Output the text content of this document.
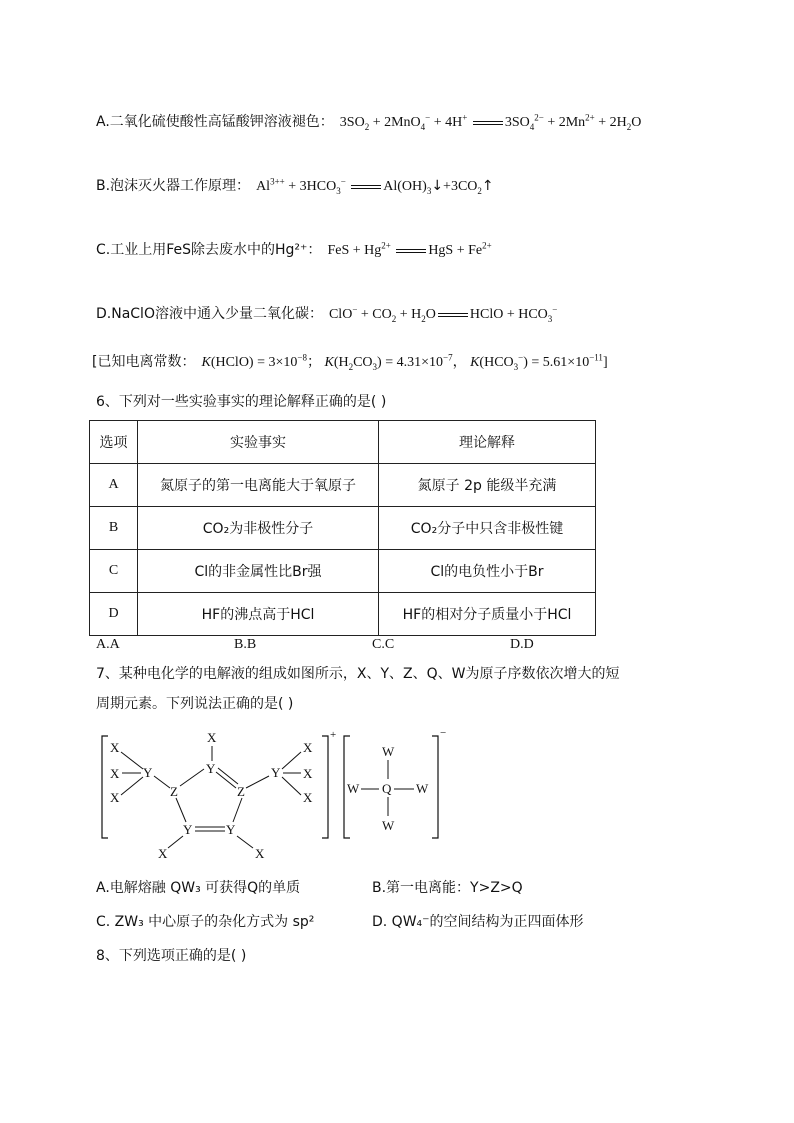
A.二氧化硫使酸性高锰酸钾溶液褪色： $3SO_2 + 2MnO_4^- + 4H^+$	$3SO_4^{2-} + 2Mn^{2+} + 2H_2O$
B.泡沫灭火器工作原理： $Al^{3++} + 3HCO_3^-$	$Al(OH)_3↓+3CO_2↑$
C.工业上用FeS除去废水中的Hg²⁺： FeS + $Hg^{2+}$	HgS + $Fe^{2+}$
D.NaClO溶液中通入少量二氧化碳： $ClO^- + CO_2 + H_2O$ HClO + $HCO_3^-$
[已知电离常数： K(HClO) = $3\times 10^{-8}$； $K(H_2CO_3) = 4.31\times 10^{-7}$， $K(HCO_3^-) = 5.61\times 10^{-11}$]
6、下列对一些实验事实的理论解释正确的是( )
选项	实验事实	理论解释
A	氮原子的第一电离能大于氧原子	氮原子 2p 能级半充满
B	CO₂为非极性分子	CO₂分子中只含非极性键
C	Cl的非金属性比Br强	Cl的电负性小于Br
D	HF的沸点高于HCl	HF的相对分子质量小于HCl
A.A	B.B	C.C	D.D
7、某种电化学的电解液的组成如图所示，X、Y、Z、Q、W为原子序数依次增大的短
周期元素。下列说法正确的是( )
+
X
X
X
Y
Z
Y
Z
Y	Y
X
X	X
Y
X
X
X
−
W
W Q W
W
A.电解熔融 QW₃ 可获得Q的单质	B.第一电离能：Y>Z>Q
C. ZW₃ 中心原子的杂化方式为 sp²	D. QW₄⁻的空间结构为正四面体形
8、下列选项正确的是( )
